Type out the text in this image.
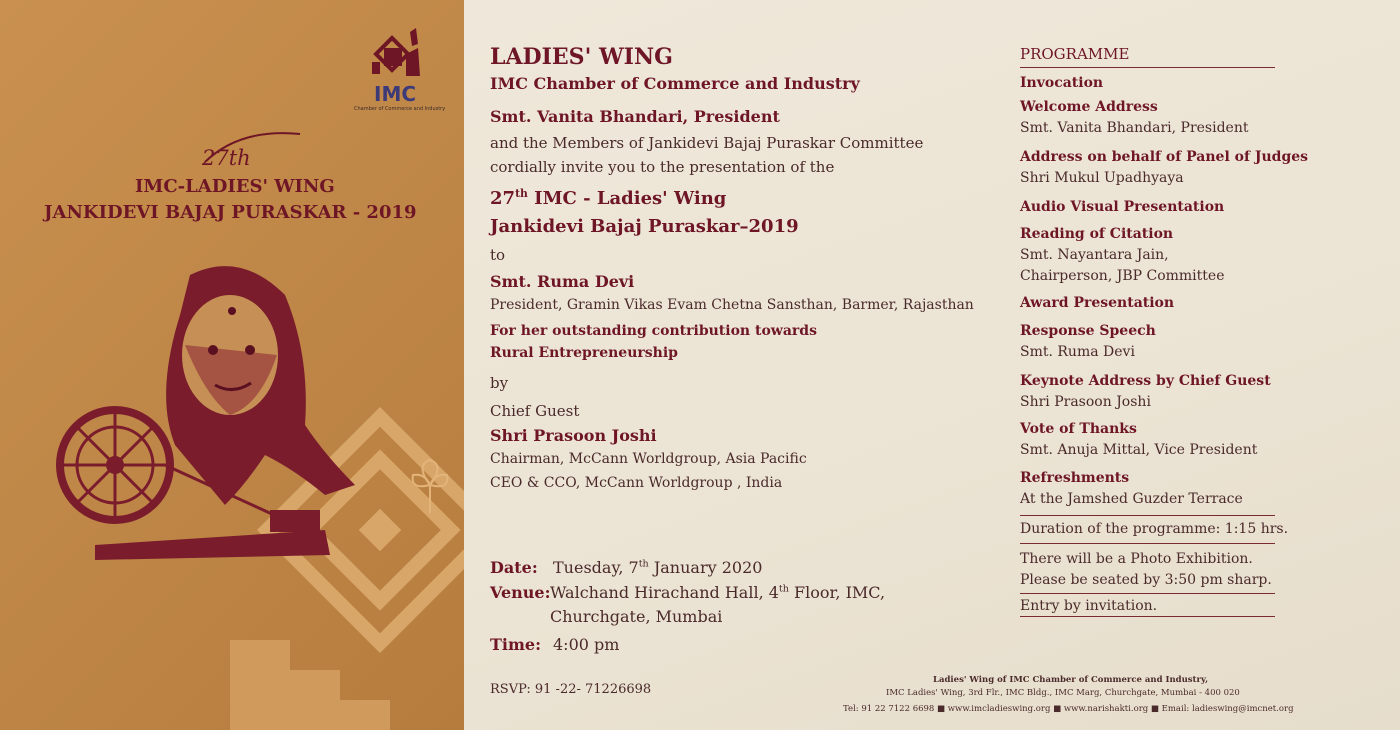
IMC
Chamber of Commerce and Industry
27th
IMC-LADIES' WING
JANKIDEVI BAJAJ PURASKAR - 2019
LADIES' WING
IMC Chamber of Commerce and Industry
Smt. Vanita Bhandari, President
and the Members of Jankidevi Bajaj Puraskar Committee
cordially invite you to the presentation of the
27th IMC - Ladies' Wing
Jankidevi Bajaj Puraskar–2019
to
Smt. Ruma Devi
President, Gramin Vikas Evam Chetna Sansthan, Barmer, Rajasthan
For her outstanding contribution towards
Rural Entrepreneurship
by
Chief Guest
Shri Prasoon Joshi
Chairman, McCann Worldgroup, Asia Pacific
CEO & CCO, McCann Worldgroup , India
Date: Tuesday, 7th January 2020
Venue: Walchand Hirachand Hall, 4th Floor, IMC,
Churchgate, Mumbai
Time: 4:00 pm
RSVP: 91 -22- 71226698
PROGRAMME
Invocation
Welcome Address
Smt. Vanita Bhandari, President
Address on behalf of Panel of Judges
Shri Mukul Upadhyaya
Audio Visual Presentation
Reading of Citation
Smt. Nayantara Jain,
Chairperson, JBP Committee
Award Presentation
Response Speech
Smt. Ruma Devi
Keynote Address by Chief Guest
Shri Prasoon Joshi
Vote of Thanks
Smt. Anuja Mittal, Vice President
Refreshments
At the Jamshed Guzder Terrace
Duration of the programme: 1:15 hrs.
There will be a Photo Exhibition.
Please be seated by 3:50 pm sharp.
Entry by invitation.
Ladies' Wing of IMC Chamber of Commerce and Industry,
IMC Ladies' Wing, 3rd Flr., IMC Bldg., IMC Marg, Churchgate, Mumbai - 400 020
Tel: 91 22 7122 6698 ■ www.imcladieswing.org ■ www.narishakti.org ■ Email: ladieswing@imcnet.org
